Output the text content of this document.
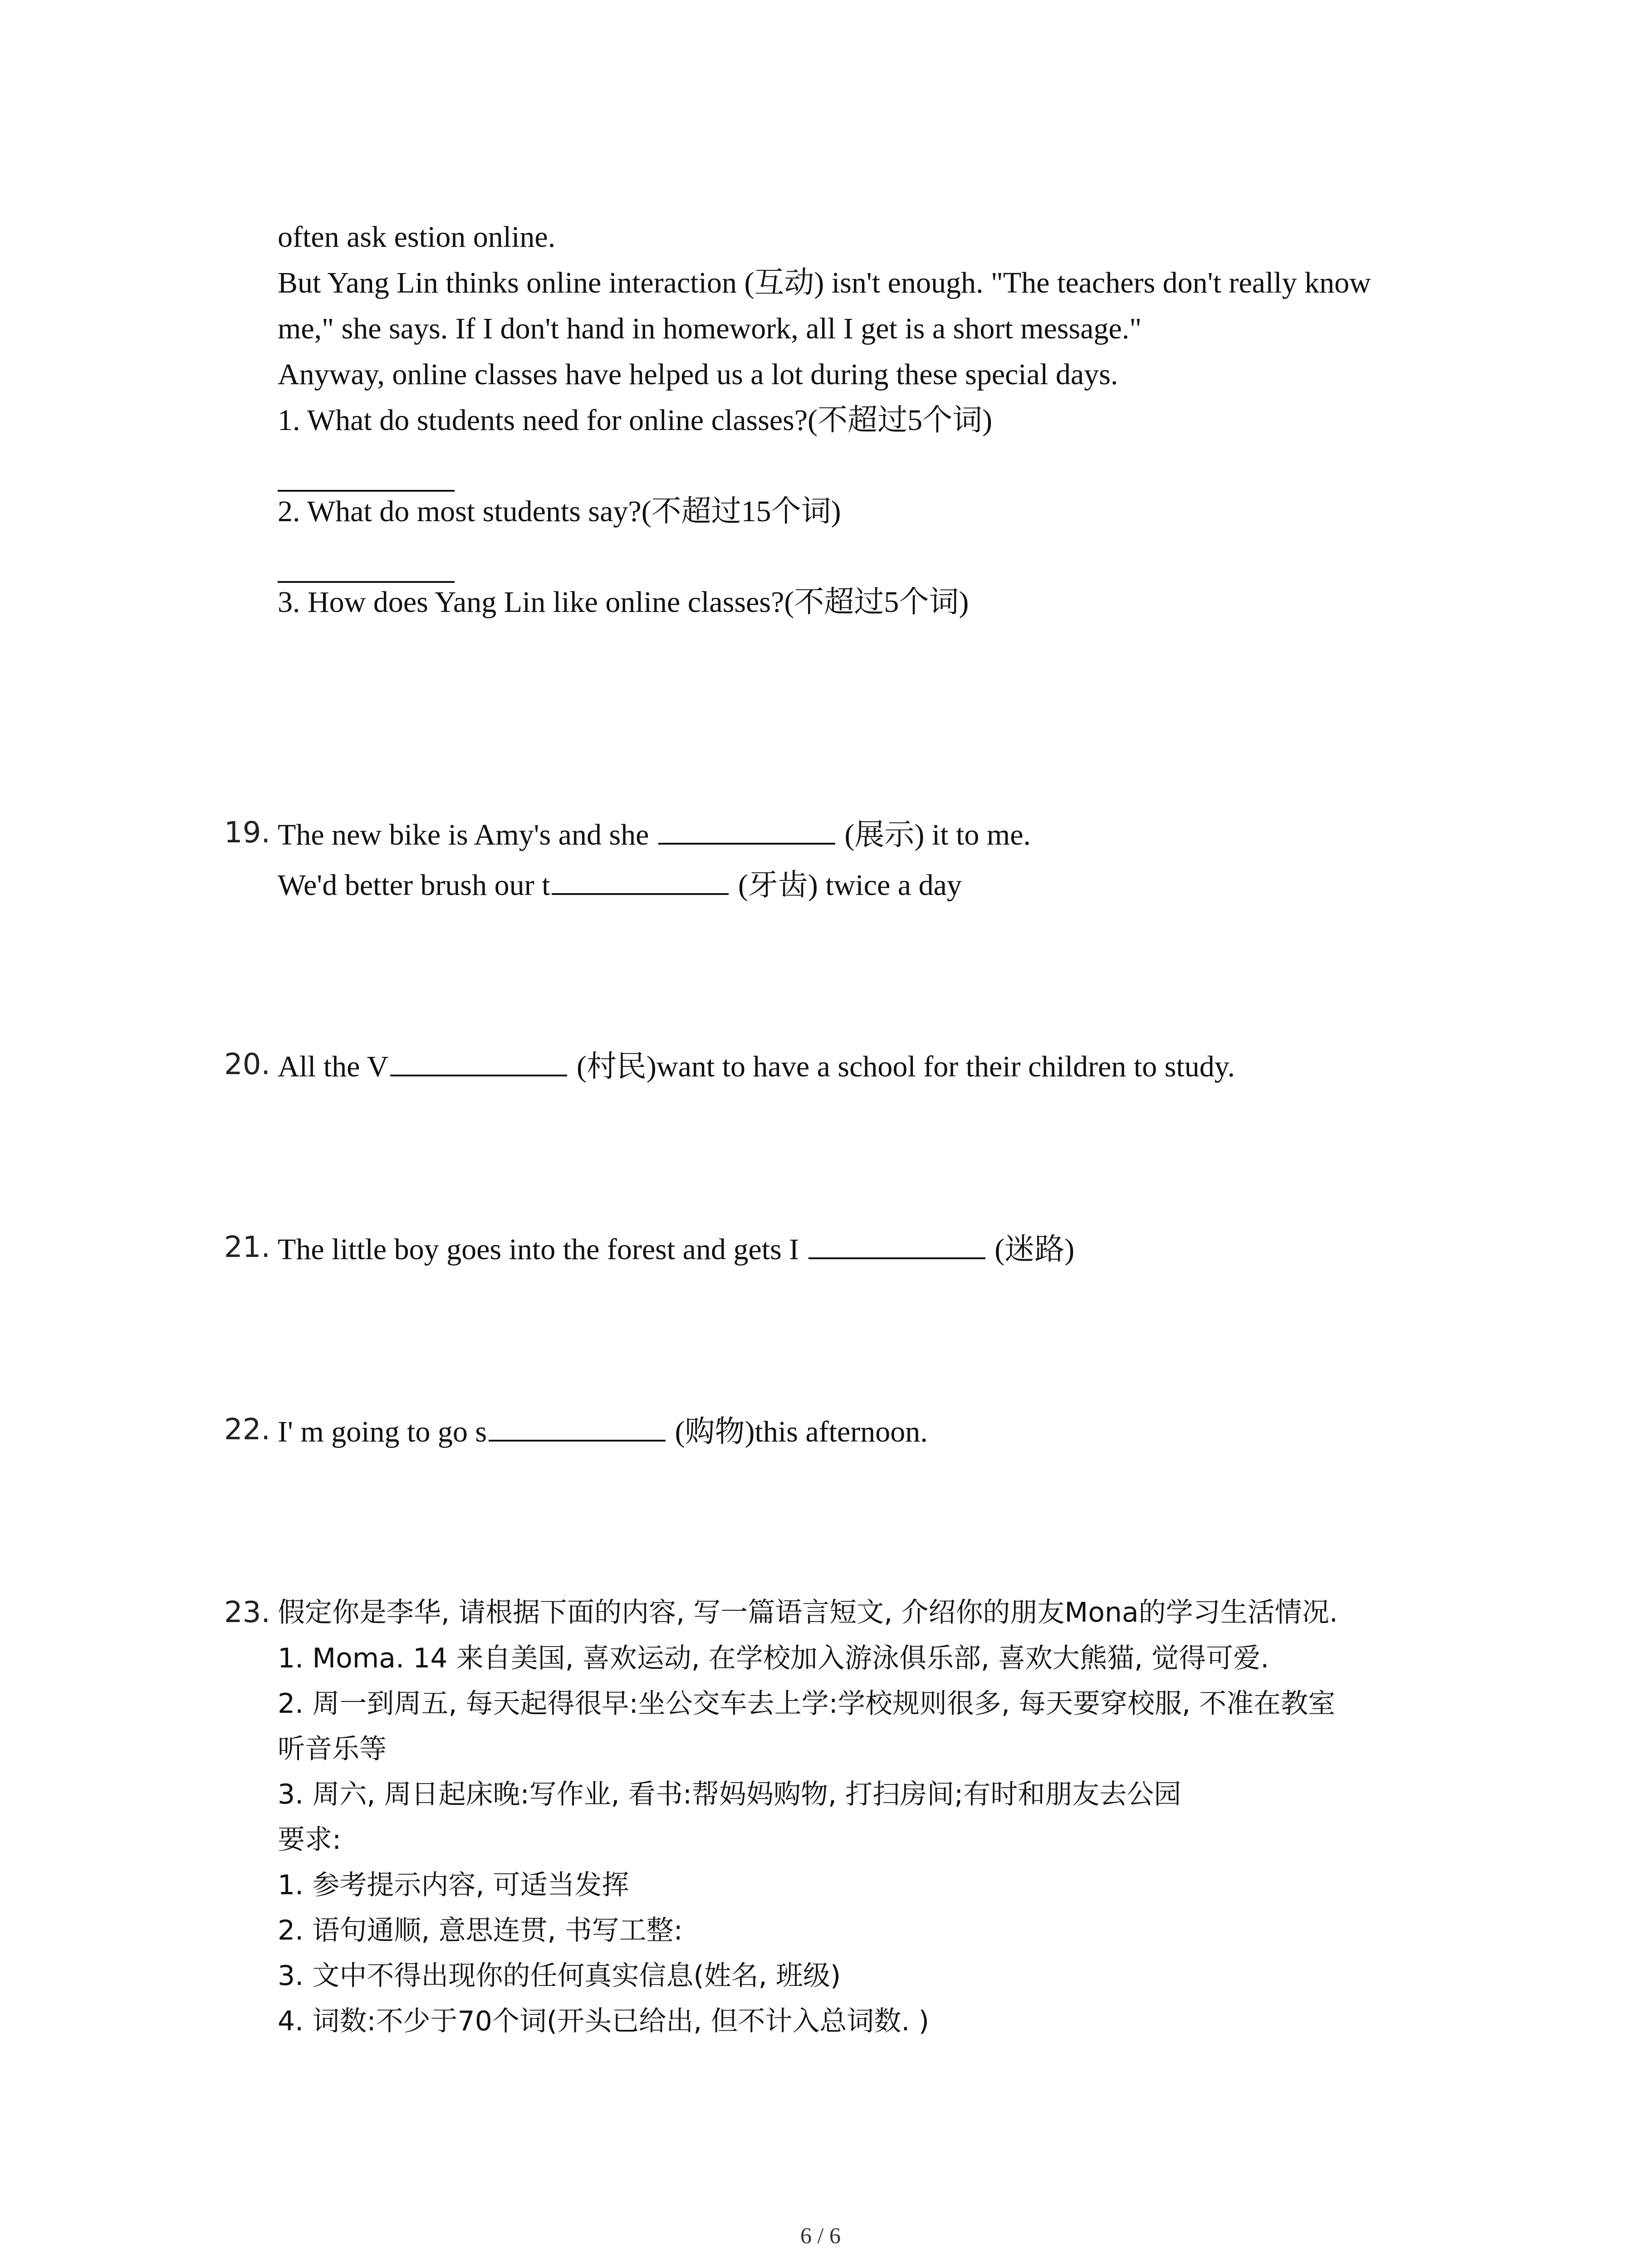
often ask estion online.
But Yang Lin thinks online interaction (互动) isn't enough. "The teachers don't really know
me," she says. If I don't hand in homework, all I get is a short message."
Anyway, online classes have helped us a lot during these special days.
1. What do students need for online classes?(不超过5个词)
2. What do most students say?(不超过15个词)
3. How does Yang Lin like online classes?(不超过5个词)
19. The new bike is Amy's and she	(展示) it to me.
We'd better brush our t	(牙齿) twice a day
20. All the V	(村民)want to have a school for their children to study.
21. The little boy goes into the forest and gets I	(迷路)
22. I' m going to go s	(购物)this afternoon.
23. 假定你是李华, 请根据下面的内容, 写一篇语言短文, 介绍你的朋友Mona的学习生活情况.
1. Moma. 14 来自美国, 喜欢运动, 在学校加入游泳俱乐部, 喜欢大熊猫, 觉得可爱.
2. 周一到周五, 每天起得很早:坐公交车去上学:学校规则很多, 每天要穿校服, 不准在教室
听音乐等
3. 周六, 周日起床晚:写作业, 看书:帮妈妈购物, 打扫房间;有时和朋友去公园
要求:
1. 参考提示内容, 可适当发挥
2. 语句通顺, 意思连贯, 书写工整:
3. 文中不得出现你的任何真实信息(姓名, 班级)
4. 词数:不少于70个词(开头已给出, 但不计入总词数. )
6 / 6
